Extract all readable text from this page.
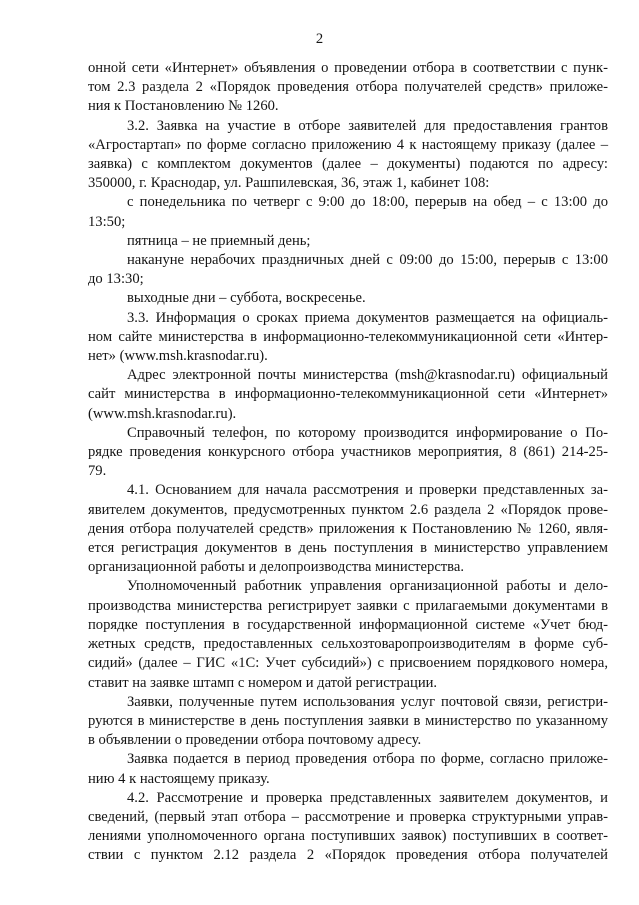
2

онной сети «Интернет» объявления о проведении отбора в соответствии с пунк-

том 2.3 раздела 2 «Порядок проведения отбора получателей средств» приложе-

ния к Постановлению № 1260.

3.2. Заявка на участие в отборе заявителей для предоставления грантов

«Агростартап» по форме согласно приложению 4 к настоящему приказу (далее –

заявка) с комплектом документов (далее – документы) подаются по адресу:

350000, г. Краснодар, ул. Рашпилевская, 36, этаж 1, кабинет 108:

с понедельника по четверг с 9:00 до 18:00, перерыв на обед – с 13:00 до

13:50;

пятница – не приемный день;

накануне нерабочих праздничных дней с 09:00 до 15:00, перерыв с 13:00

до 13:30;

выходные дни – суббота, воскресенье.

3.3. Информация о сроках приема документов размещается на официаль-

ном сайте министерства в информационно-телекоммуникационной сети «Интер-

нет» (www.msh.krasnodar.ru).

Адрес электронной почты министерства (msh@krasnodar.ru) официальный

сайт министерства в информационно-телекоммуникационной сети «Интернет»

(www.msh.krasnodar.ru).

Справочный телефон, по которому производится информирование о По-

рядке проведения конкурсного отбора участников мероприятия, 8 (861) 214-25-

79.

4.1. Основанием для начала рассмотрения и проверки представленных за-

явителем документов, предусмотренных пунктом 2.6 раздела 2 «Порядок прове-

дения отбора получателей средств» приложения к Постановлению № 1260, явля-

ется регистрация документов в день поступления в министерство управлением

организационной работы и делопроизводства министерства.

Уполномоченный работник управления организационной работы и дело-

производства министерства регистрирует заявки с прилагаемыми документами в

порядке поступления в государственной информационной системе «Учет бюд-

жетных средств, предоставленных сельхозтоваропроизводителям в форме суб-

сидий» (далее – ГИС «1С: Учет субсидий») с присвоением порядкового номера,

ставит на заявке штамп с номером и датой регистрации.

Заявки, полученные путем использования услуг почтовой связи, регистри-

руются в министерстве в день поступления заявки в министерство по указанному

в объявлении о проведении отбора почтовому адресу.

Заявка подается в период проведения отбора по форме, согласно приложе-

нию 4 к настоящему приказу.

4.2. Рассмотрение и проверка представленных заявителем документов, и

сведений, (первый этап отбора – рассмотрение и проверка структурными управ-

лениями уполномоченного органа поступивших заявок) поступивших в соответ-

ствии с пунктом 2.12 раздела 2 «Порядок проведения отбора получателей
